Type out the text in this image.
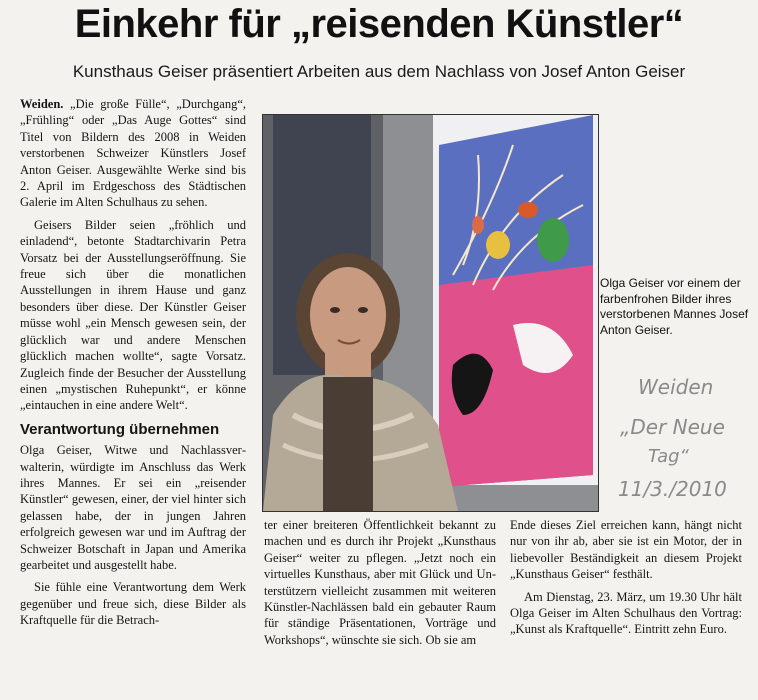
Einkehr für „reisenden Künstler“
Kunsthaus Geiser präsentiert Arbeiten aus dem Nachlass von Josef Anton Geiser

Weiden. „Die große Fülle“, „Durchgang“, „Frühling“ oder „Das Auge Gottes“ sind Titel von Bildern des 2008 in Weiden verstorbenen Schweizer Künstlers Josef Anton Geiser. Ausgewählte Werke sind bis 2. April im Erdgeschoss des Städtischen Galerie im Alten Schulhaus zu sehen.

Geisers Bilder seien „fröhlich und einladend“, betonte Stadtarchivarin Petra Vorsatz bei der Ausstellungseröffnung. Sie freue sich über die monatlichen Ausstellungen in ihrem Hause und ganz besonders über diese. Der Künstler Geiser müsse wohl „ein Mensch gewesen sein, der glücklich war und andere Menschen glücklich machen wollte“, sagte Vorsatz. Zugleich finde der Besucher der Ausstellung einen „mystischen Ruhepunkt“, er könne „eintauchen in eine andere Welt“.

Verantwortung übernehmen

Olga Geiser, Witwe und Nachlassverwalterin, würdigte im Anschluss das Werk ihres Mannes. Er sei ein „reisender Künstler“ gewesen, einer, der viel hinter sich gelassen habe, der in jungen Jahren erfolgreich gewesen war und im Auftrag der Schweizer Botschaft in Japan und Amerika gearbeitet und ausgestellt habe.

Sie fühle eine Verantwortung dem Werk gegenüber und freue sich, diese Bilder als Kraftquelle für die Betrach-

Olga Geiser vor einem der farbenfrohen Bilder ihres verstorbenen Mannes Josef Anton Geiser.
Weiden
„Der Neue
Tag“
11/3./2010

ter einer breiteren Öffentlichkeit bekannt zu machen und es durch ihr Projekt „Kunsthaus Geiser“ weiter zu pflegen. „Jetzt noch ein virtuelles Kunsthaus, aber mit Glück und Unterstützern vielleicht zusammen mit weiteren Künstler-Nachlässen bald ein gebauter Raum für ständige Präsentationen, Vorträge und Workshops“, wünschte sie sich. Ob sie am

Ende dieses Ziel erreichen kann, hängt nicht nur von ihr ab, aber sie ist ein Motor, der in liebevoller Beständigkeit an diesem Projekt „Kunsthaus Geiser“ festhält.

Am Dienstag, 23. März, um 19.30 Uhr hält Olga Geiser im Alten Schulhaus den Vortrag: „Kunst als Kraftquelle“. Eintritt zehn Euro.
